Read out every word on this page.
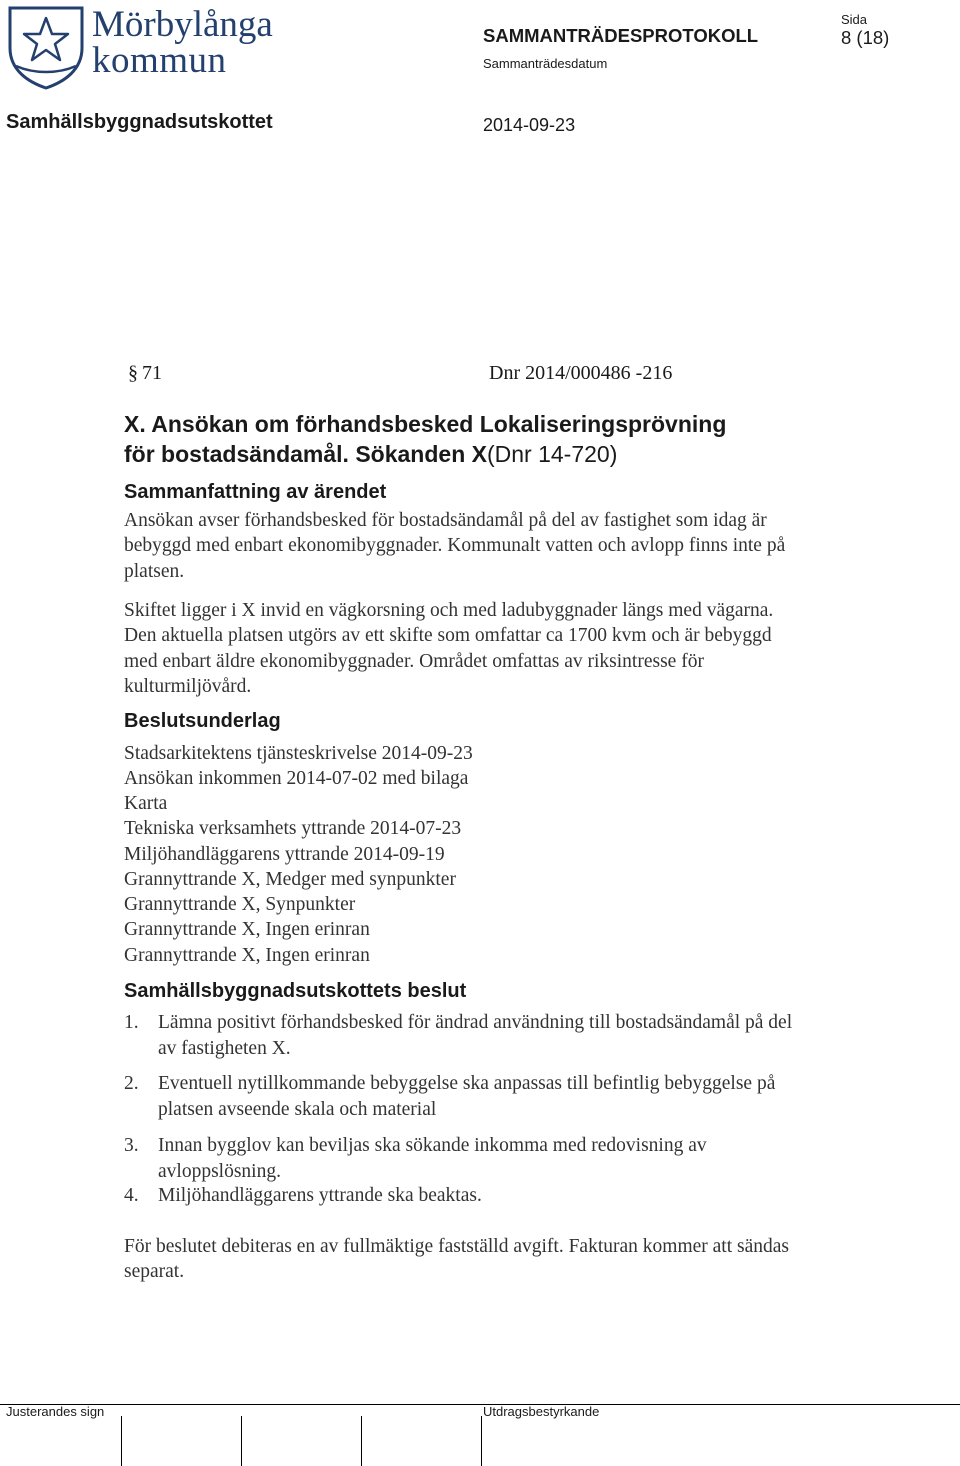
Mörbylånga
kommun
SAMMANTRÄDESPROTOKOLL
Sida
8 (18)
Sammanträdesdatum
Samhällsbyggnadsutskottet	2014-09-23
§ 71	Dnr 2014/000486 -216
X. Ansökan om förhandsbesked Lokaliseringsprövning
för bostadsändamål. Sökanden X(Dnr 14-720)
Sammanfattning av ärendet

Ansökan avser förhandsbesked för bostadsändamål på del av fastighet som idag är bebyggd med enbart ekonomibyggnader. Kommunalt vatten och avlopp finns inte på platsen.

Skiftet ligger i X invid en vägkorsning och med ladubyggnader längs med vägarna. Den aktuella platsen utgörs av ett skifte som omfattar ca 1700 kvm och är bebyggd med enbart äldre ekonomibyggnader. Området omfattas av riksintresse för kulturmiljövård.

Beslutsunderlag
Stadsarkitektens tjänsteskrivelse 2014-09-23
Ansökan inkommen 2014-07-02 med bilaga
Karta
Tekniska verksamhets yttrande 2014-07-23
Miljöhandläggarens yttrande 2014-09-19
Grannyttrande X, Medger med synpunkter
Grannyttrande X, Synpunkter
Grannyttrande X, Ingen erinran
Grannyttrande X, Ingen erinran
Samhällsbyggnadsutskottets beslut
1. Lämna positivt förhandsbesked för ändrad användning till bostadsändamål på del av fastigheten X.
2. Eventuell nytillkommande bebyggelse ska anpassas till befintlig bebyggelse på platsen avseende skala och material
3. Innan bygglov kan beviljas ska sökande inkomma med redovisning av avloppslösning.
4. Miljöhandläggarens yttrande ska beaktas.

För beslutet debiteras en av fullmäktige fastställd avgift. Fakturan kommer att sändas separat.

Justerandes sign	Utdragsbestyrkande
